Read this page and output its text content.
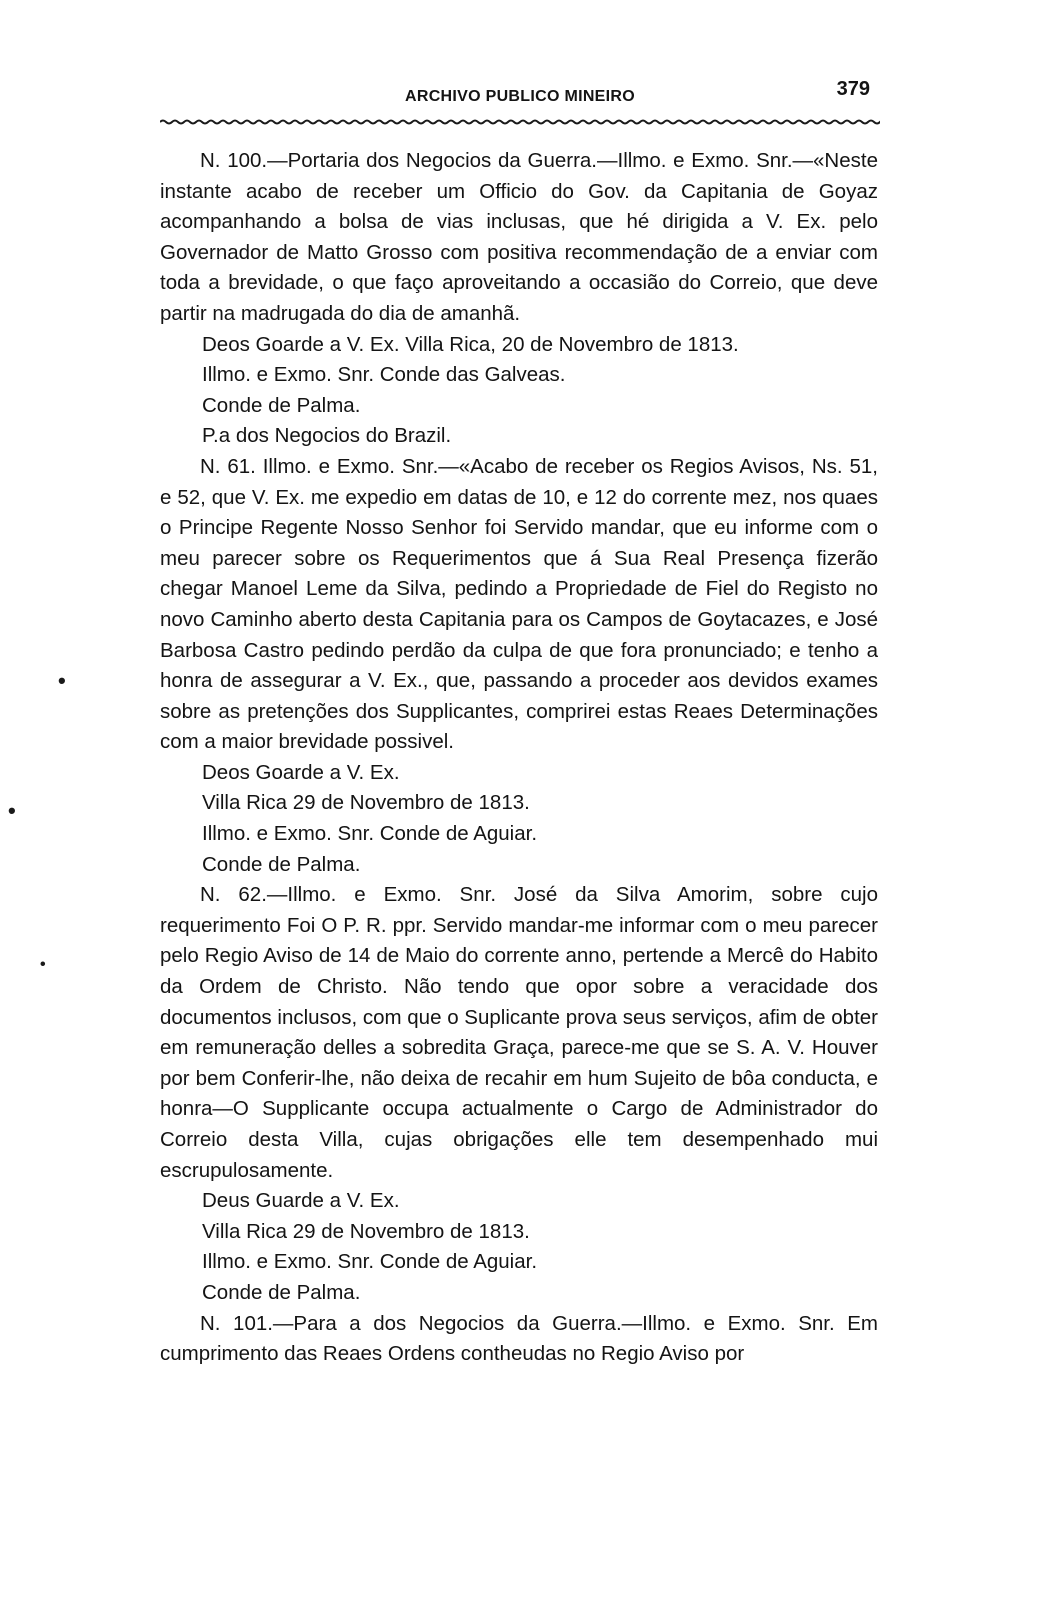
ARCHIVO PUBLICO MINEIRO	379

N. 100.—Portaria dos Negocios da Guerra.—Illmo. e Exmo. Snr.—«Neste instante acabo de receber um Officio do Gov. da Capitania de Goyaz acompanhando a bolsa de vias inclusas, que hé dirigida a V. Ex. pelo Governador de Matto Grosso com positiva recommendação de a enviar com toda a brevidade, o que faço aproveitando a occasião do Correio, que deve partir na madrugada do dia de amanhã.

Deos Goarde a V. Ex. Villa Rica, 20 de Novembro de 1813.

Illmo. e Exmo. Snr. Conde das Galveas.

Conde de Palma.

P.a dos Negocios do Brazil.

N. 61. Illmo. e Exmo. Snr.—«Acabo de receber os Regios Avisos, Ns. 51, e 52, que V. Ex. me expedio em datas de 10, e 12 do corrente mez, nos quaes o Principe Regente Nosso Senhor foi Servido mandar, que eu informe com o meu parecer sobre os Requerimentos que á Sua Real Presença fizerão chegar Manoel Leme da Silva, pedindo a Propriedade de Fiel do Registo no novo Caminho aberto desta Capitania para os Campos de Goytacazes, e José Barbosa Castro pedindo perdão da culpa de que fora pronunciado; e tenho a honra de assegurar a V. Ex., que, passando a proceder aos devidos exames sobre as pretenções dos Supplicantes, comprirei estas Reaes Determinações com a maior brevidade possivel.

Deos Goarde a V. Ex.

Villa Rica 29 de Novembro de 1813.

Illmo. e Exmo. Snr. Conde de Aguiar.

Conde de Palma.

N. 62.—Illmo. e Exmo. Snr. José da Silva Amorim, sobre cujo requerimento Foi O P. R. ppr. Servido mandar-me informar com o meu parecer pelo Regio Aviso de 14 de Maio do corrente anno, pertende a Mercê do Habito da Ordem de Christo. Não tendo que opor sobre a veracidade dos documentos inclusos, com que o Suplicante prova seus serviços, afim de obter em remuneração delles a sobredita Graça, parece-me que se S. A. V. Houver por bem Conferir-lhe, não deixa de recahir em hum Sujeito de bôa conducta, e honra—O Supplicante occupa actualmente o Cargo de Administrador do Correio desta Villa, cujas obrigações elle tem desempenhado mui escrupulosamente.

Deus Guarde a V. Ex.

Villa Rica 29 de Novembro de 1813.

Illmo. e Exmo. Snr. Conde de Aguiar.

Conde de Palma.

N. 101.—Para a dos Negocios da Guerra.—Illmo. e Exmo. Snr. Em cumprimento das Reaes Ordens contheudas no Regio Aviso por

•
•
•
